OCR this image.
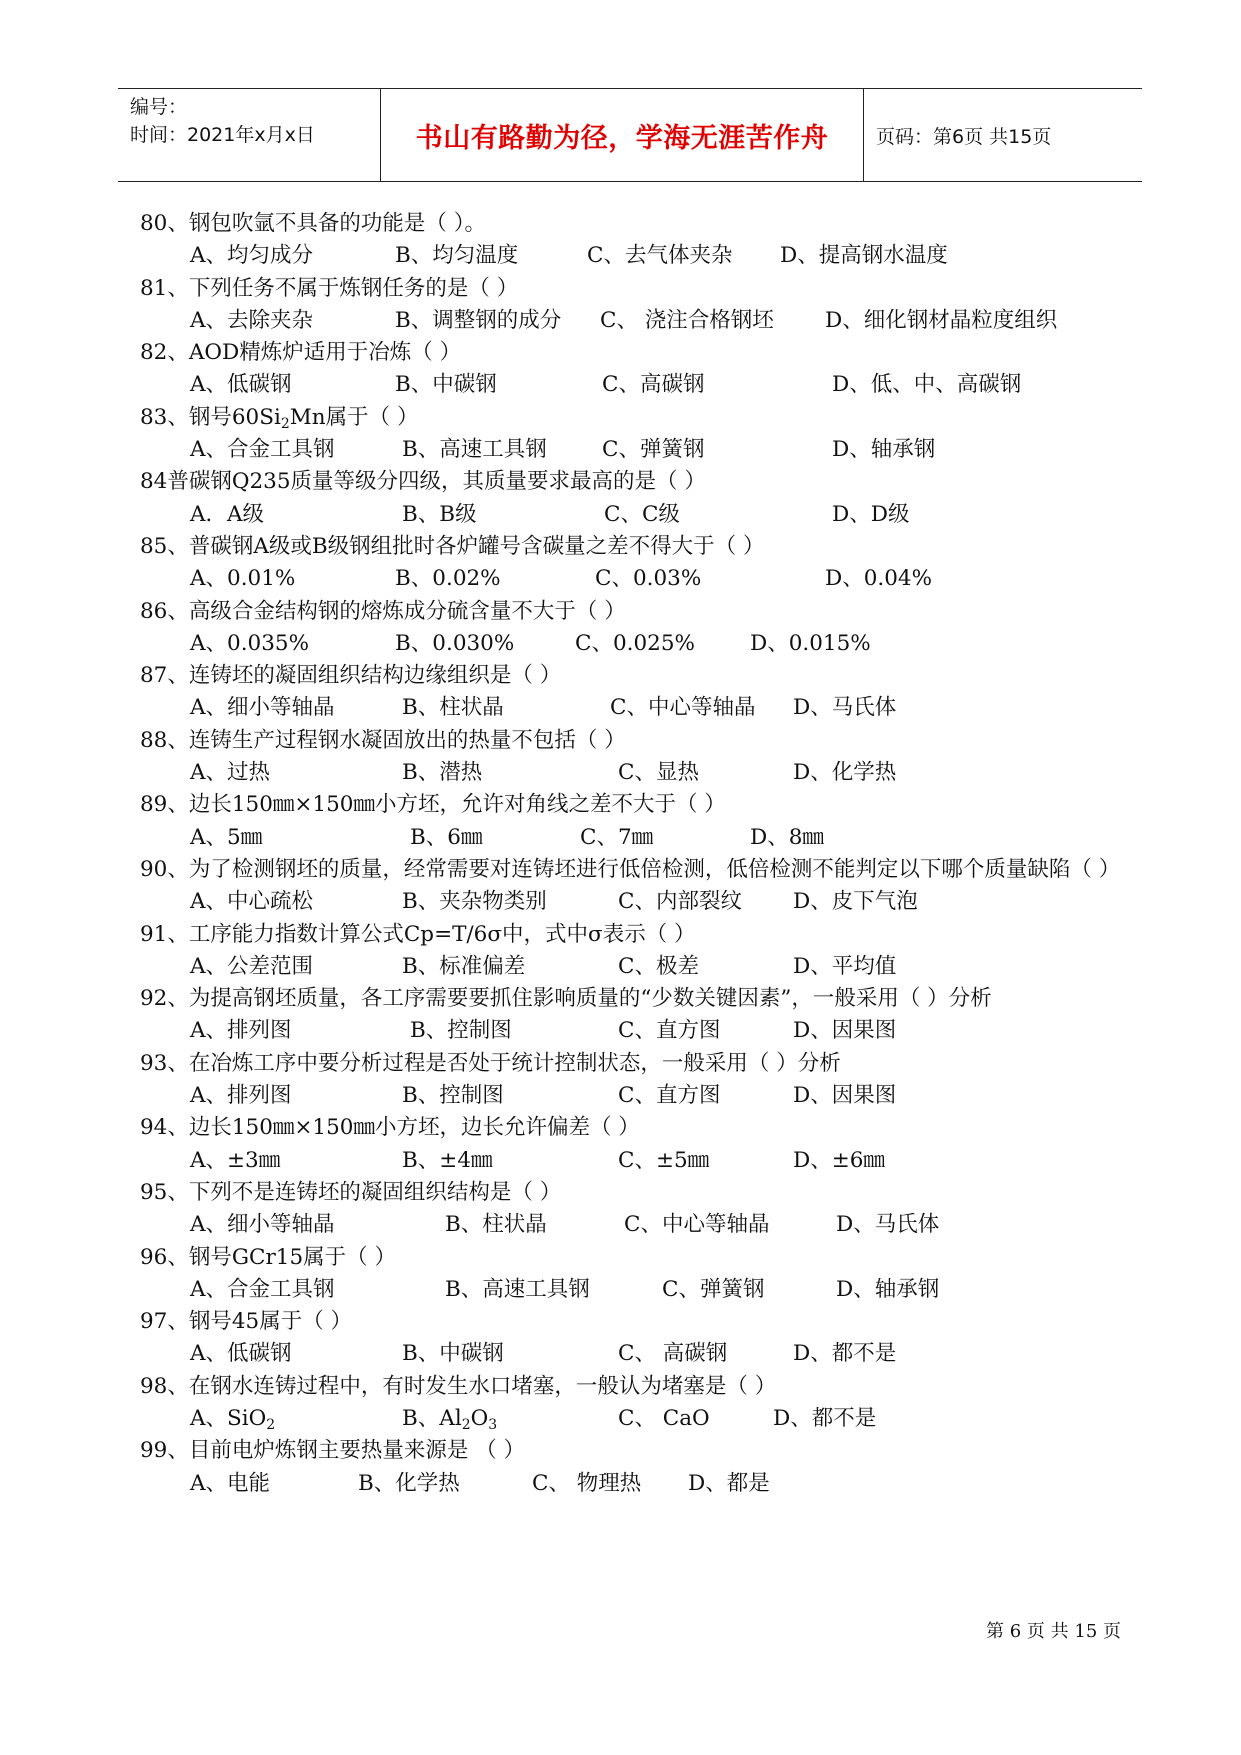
编号：
时间：2021年x月x日	书山有路勤为径，学海无涯苦作舟	页码：第6页 共15页
80、钢包吹氩不具备的功能是（ ）。
A、均匀成分	B、均匀温度	C、去气体夹杂 D、提高钢水温度
81、下列任务不属于炼钢任务的是（ ）
A、去除夹杂	B、调整钢的成分 C、 浇注合格钢坯 D、细化钢材晶粒度组织
82、AOD精炼炉适用于冶炼（ ）
A、低碳钢	B、中碳钢	C、高碳钢	D、低、中、高碳钢
83、钢号$60Si_2Mn$属于（ ）
A、合金工具钢	B、高速工具钢	C、弹簧钢	D、轴承钢
84普碳钢Q235质量等级分四级，其质量要求最高的是（ ）
A．A级	B、B级	C、C级	D、D级
85、普碳钢A级或B级钢组批时各炉罐号含碳量之差不得大于（ ）
A、0.01%	B、0.02%	C、0.03%	D、0.04%
86、高级合金结构钢的熔炼成分硫含量不大于（ ）
A、0.035%	B、0.030%	C、0.025%	D、0.015%
87、连铸坯的凝固组织结构边缘组织是（ ）
A、细小等轴晶	B、柱状晶	C、中心等轴晶 D、马氏体
88、连铸生产过程钢水凝固放出的热量不包括（ ）
A、过热	B、潜热	C、显热	D、化学热
89、边长150㎜×150㎜小方坯，允许对角线之差不大于（ ）
A、5㎜	B、6㎜	C、7㎜	D、8㎜
90、为了检测钢坯的质量，经常需要对连铸坯进行低倍检测，低倍检测不能判定以下哪个质量缺陷（ ）
A、中心疏松	B、夹杂物类别	C、内部裂纹 D、皮下气泡
91、工序能力指数计算公式Cp=T/6σ中，式中σ表示（ ）
A、公差范围	B、标准偏差	C、极差	D、平均值
92、为提高钢坯质量，各工序需要要抓住影响质量的“少数关键因素”，一般采用（ ）分析
A、排列图	B、控制图	C、直方图	D、因果图
93、在冶炼工序中要分析过程是否处于统计控制状态，一般采用（ ）分析
A、排列图	B、控制图	C、直方图	D、因果图
94、边长150㎜×150㎜小方坯，边长允许偏差（ ）
A、±3㎜	B、±4㎜	C、±5㎜	D、±6㎜
95、下列不是连铸坯的凝固组织结构是（ ）
A、细小等轴晶	B、柱状晶	C、中心等轴晶	D、马氏体
96、钢号GCr15属于（ ）
A、合金工具钢	B、高速工具钢	C、弹簧钢	D、轴承钢
97、钢号45属于（ ）
A、低碳钢	B、中碳钢	C、 高碳钢	D、都不是
98、在钢水连铸过程中，有时发生水口堵塞，一般认为堵塞是（ ）
A、SiO$_2$	B、$Al_2O_3$	C、 CaO	D、都不是
99、目前电炉炼钢主要热量来源是 （ ）
A、电能	B、化学热	C、 物理热 D、都是
第 6 页 共 15 页
